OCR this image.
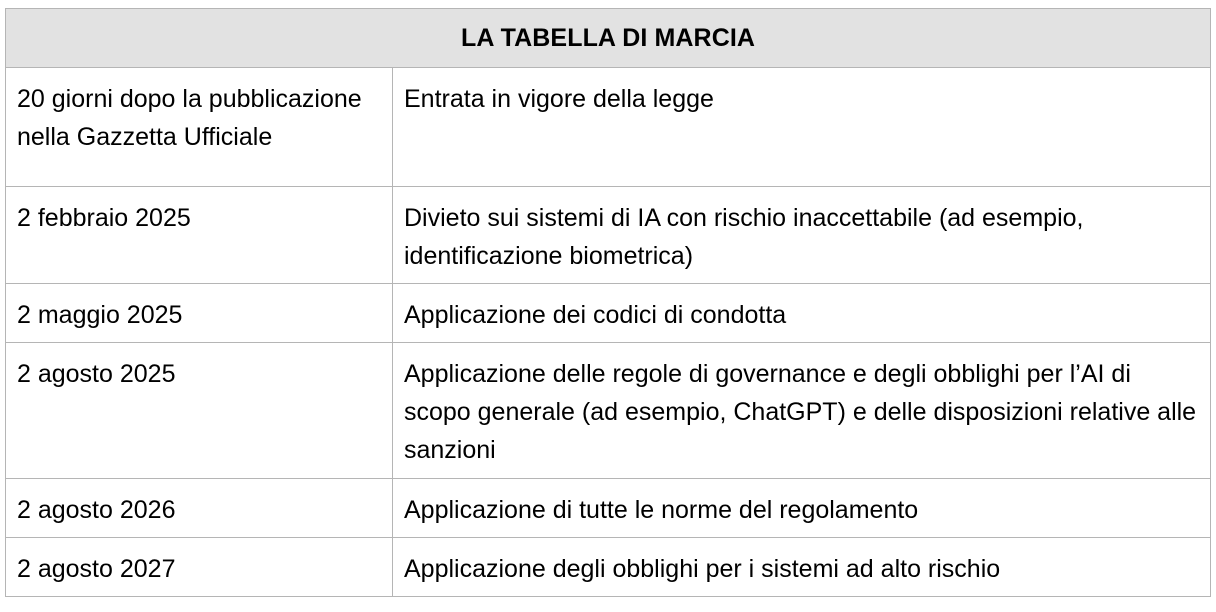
LA TABELLA DI MARCIA	
20 giorni dopo la pubblicazione nella Gazzetta Ufficiale	Entrata in vigore della legge
2 febbraio 2025	Divieto sui sistemi di IA con rischio inaccettabile (ad esempio, identificazione biometrica)
2 maggio 2025	Applicazione dei codici di condotta
2 agosto 2025	Applicazione delle regole di governance e degli obblighi per l’AI di scopo generale (ad esempio, ChatGPT) e delle disposizioni relative alle sanzioni
2 agosto 2026	Applicazione di tutte le norme del regolamento
2 agosto 2027	Applicazione degli obblighi per i sistemi ad alto rischio
